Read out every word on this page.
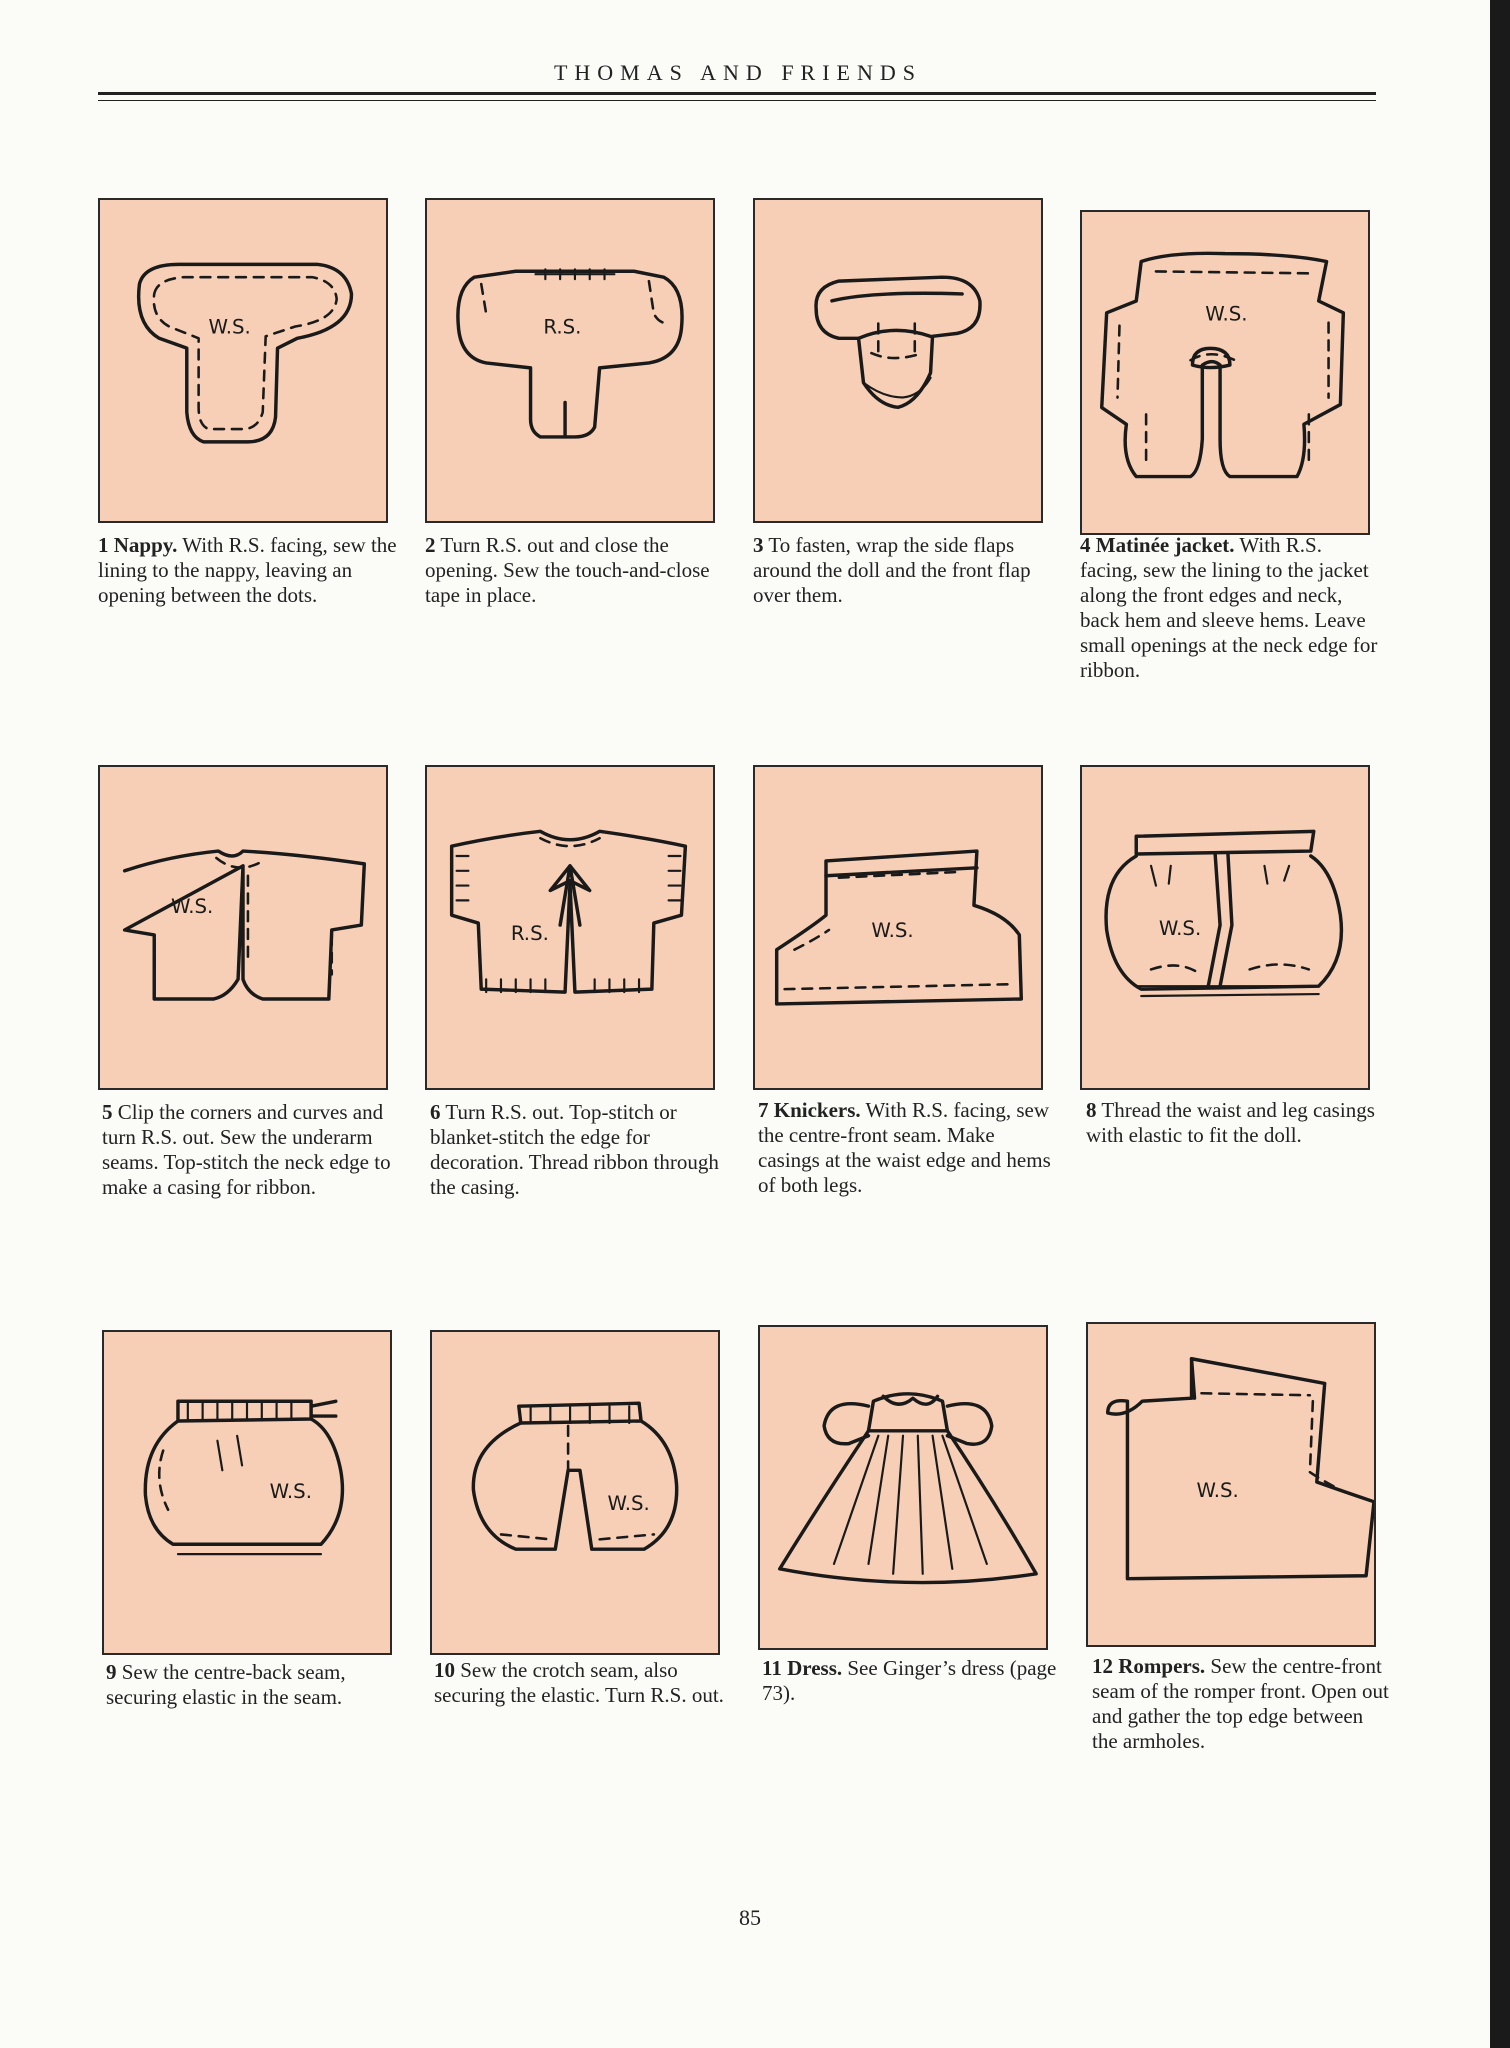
THOMAS AND FRIENDS
W.S.	R.S.
W.S.
1 Nappy. With R.S. facing, sew the lining to the nappy, leaving an opening between the dots.
2 Turn R.S. out and close the opening. Sew the touch-and-close tape in place.
3 To fasten, wrap the side flaps around the doll and the front flap over them.
4 Matinée jacket. With R.S. facing, sew the lining to the jacket along the front edges and neck, back hem and sleeve hems. Leave small openings at the neck edge for ribbon.
W.S.
R.S.	W.S.	W.S.
5 Clip the corners and curves and turn R.S. out. Sew the underarm seams. Top-stitch the neck edge to make a casing for ribbon.
6 Turn R.S. out. Top-stitch or blanket-stitch the edge for decoration. Thread ribbon through the casing.
7 Knickers. With R.S. facing, sew the centre-front seam. Make casings at the waist edge and hems of both legs.
8 Thread the waist and leg casings with elastic to fit the doll.
W.S.
W.S.
W.S.
9 Sew the centre-back seam, securing elastic in the seam.
10 Sew the crotch seam, also securing the elastic. Turn R.S. out.
11 Dress. See Ginger’s dress (page 73).
12 Rompers. Sew the centre-front seam of the romper front. Open out and gather the top edge between the armholes.
85
